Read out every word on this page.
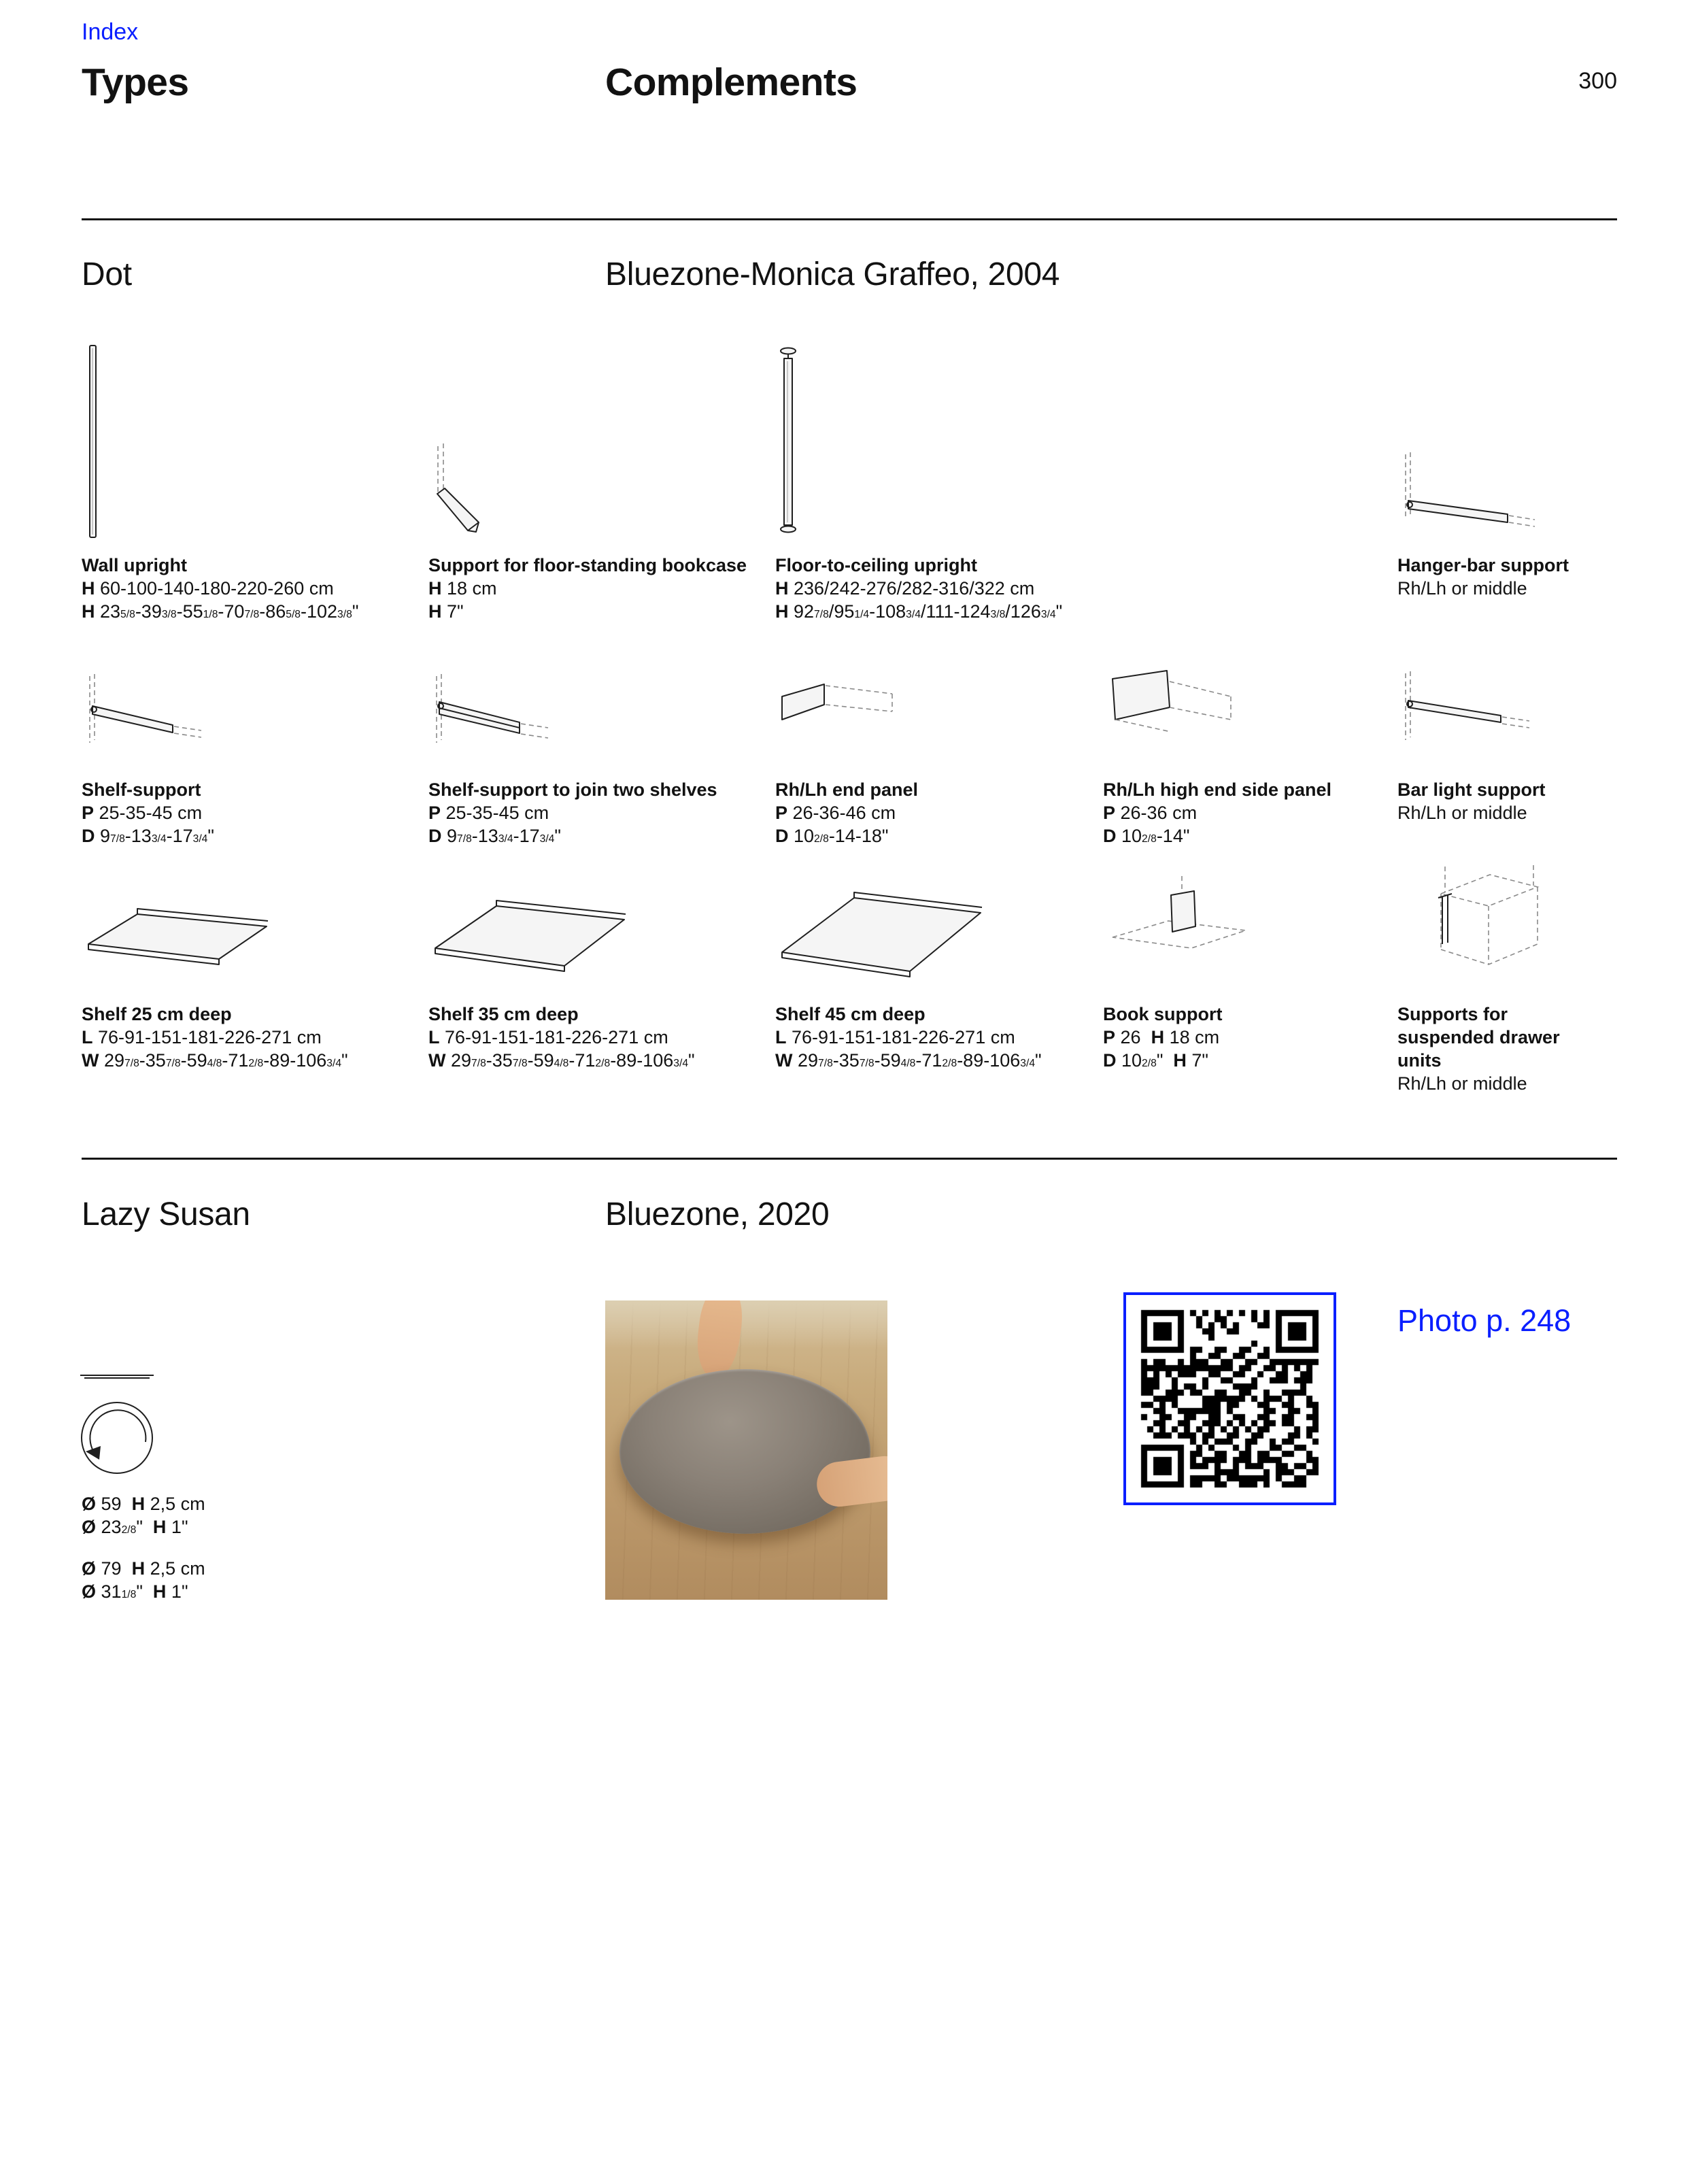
Index
Types	Complements	300
Dot	Bluezone-Monica Graffeo, 2004
Wall upright
H 60-100-140-180-220-260 cm
H 235/8-393/8-551/8-707/8-865/8-1023/8"
Support for floor-standing bookcase
H 18 cm
H 7"
Floor-to-ceiling upright
H 236/242-276/282-316/322 cm
H 927/8/951/4-1083/4/111-1243/8/1263/4"
Hanger-bar support
Rh/Lh or middle
Shelf-support
P 25-35-45 cm
D 97/8-133/4-173/4"
Shelf-support to join two shelves
P 25-35-45 cm
D 97/8-133/4-173/4"
Rh/Lh end panel
P 26-36-46 cm
D 102/8-14-18"
Rh/Lh high end side panel
P 26-36 cm
D 102/8-14"
Bar light support
Rh/Lh or middle
Shelf 25 cm deep
L 76-91-151-181-226-271 cm
W 297/8-357/8-594/8-712/8-89-1063/4"
Shelf 35 cm deep
L 76-91-151-181-226-271 cm
W 297/8-357/8-594/8-712/8-89-1063/4"
Shelf 45 cm deep
L 76-91-151-181-226-271 cm
W 297/8-357/8-594/8-712/8-89-1063/4"
Book support
P 26  H 18 cm
D 102/8"  H 7"
Supports for suspended drawer units
Rh/Lh or middle
Lazy Susan	Bluezone, 2020
Ø 59  H 2,5 cm
Ø 232/8"  H 1"
Ø 79  H 2,5 cm
Ø 311/8"  H 1"
Photo p. 248
